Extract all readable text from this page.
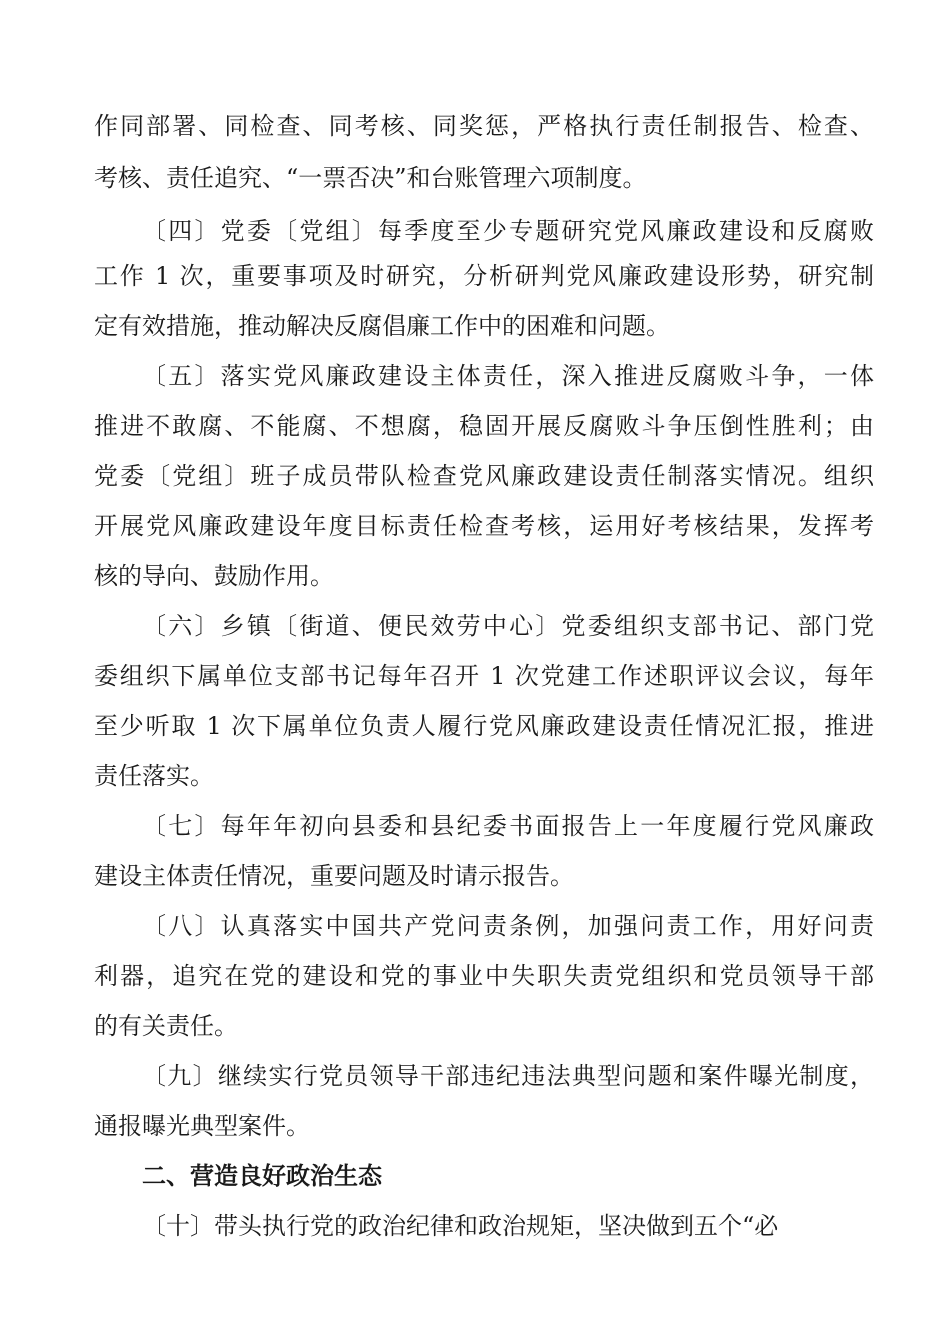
作同部署、同检查、同考核、同奖惩，严格执行责任制报告、检查、
考核、责任追究、“一票否决”和台账管理六项制度。
〔四〕党委〔党组〕每季度至少专题研究党风廉政建设和反腐败
工作 1 次，重要事项及时研究，分析研判党风廉政建设形势，研究制
定有效措施，推动解决反腐倡廉工作中的困难和问题。
〔五〕落实党风廉政建设主体责任，深入推进反腐败斗争，一体
推进不敢腐、不能腐、不想腐，稳固开展反腐败斗争压倒性胜利；由
党委〔党组〕班子成员带队检查党风廉政建设责任制落实情况。组织
开展党风廉政建设年度目标责任检查考核，运用好考核结果，发挥考
核的导向、鼓励作用。
〔六〕乡镇〔街道、便民效劳中心〕党委组织支部书记、部门党
委组织下属单位支部书记每年召开 1 次党建工作述职评议会议，每年
至少听取 1 次下属单位负责人履行党风廉政建设责任情况汇报，推进
责任落实。
〔七〕每年年初向县委和县纪委书面报告上一年度履行党风廉政
建设主体责任情况，重要问题及时请示报告。
〔八〕认真落实中国共产党问责条例，加强问责工作，用好问责
利器，追究在党的建设和党的事业中失职失责党组织和党员领导干部
的有关责任。
〔九〕继续实行党员领导干部违纪违法典型问题和案件曝光制度，
通报曝光典型案件。
二、营造良好政治生态
〔十〕带头执行党的政治纪律和政治规矩，坚决做到五个“必
